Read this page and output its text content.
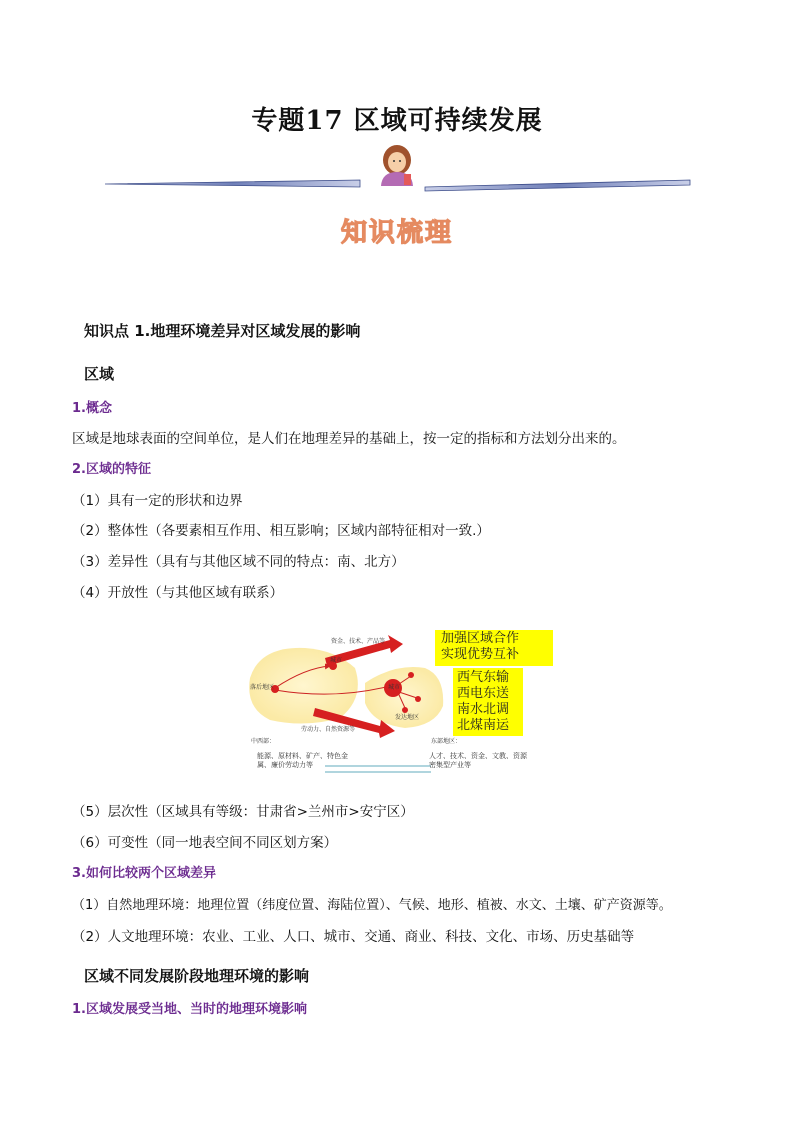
专题17 区域可持续发展
知识梳理
知识点 1.地理环境差异对区域发展的影响
区域
1.概念
区域是地球表面的空间单位，是人们在地理差异的基础上，按一定的指标和方法划分出来的。
2.区域的特征
（1）具有一定的形状和边界
（2）整体性（各要素相互作用、相互影响；区域内部特征相对一致.）
（3）差异性（具有与其他区域不同的特点：南、北方）
（4）开放性（与其他区域有联系）
资金、技术、产品等
劳动力、自然资源等
城市
落后地区	城市
发达地区
中西部：
能源、原材料、矿产、特色金属、廉价劳动力等
东部地区：
人才、技术、资金、文教、资源密集型产业等
加强区域合作
实现优势互补
西气东输
西电东送
南水北调
北煤南运
（5）层次性（区域具有等级：甘肃省>兰州市>安宁区）
（6）可变性（同一地表空间不同区划方案）
3.如何比较两个区域差异
（1）自然地理环境：地理位置（纬度位置、海陆位置）、气候、地形、植被、水文、土壤、矿产资源等。
（2）人文地理环境：农业、工业、人口、城市、交通、商业、科技、文化、市场、历史基础等
区域不同发展阶段地理环境的影响
1.区域发展受当地、当时的地理环境影响
